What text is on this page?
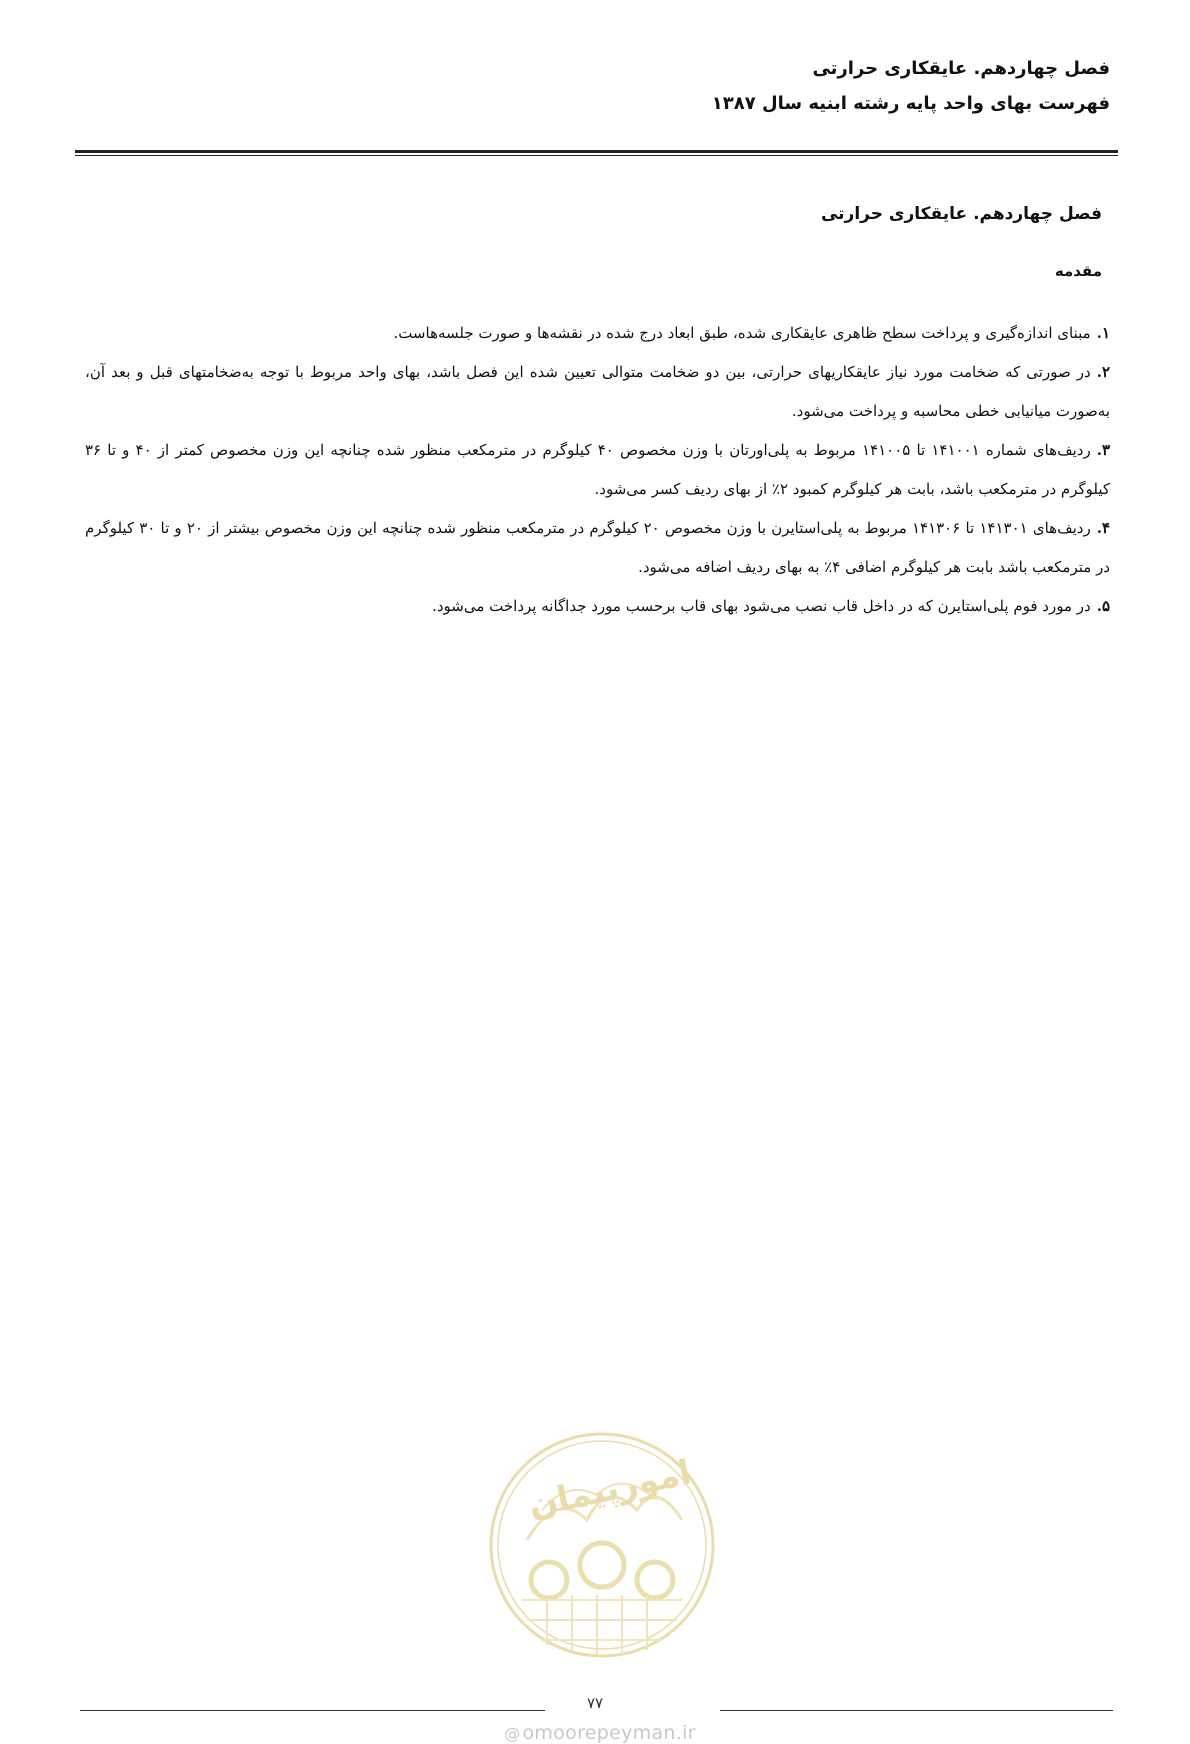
فصل چهاردهم. عایقکاری حرارتی
فهرست بهای واحد پایه رشته ابنیه سال ۱۳۸۷
فصل چهاردهم. عایقکاری حرارتی
مقدمه

۱.مبنای اندازه‌گیری و پرداخت سطح ظاهری عایقکاری شده، طبق ابعاد درج شده در نقشه‌ها و صورت جلسه‌هاست.

۲.در صورتی که ضخامت مورد نیاز عایقکاریهای حرارتی، بین دو ضخامت متوالی تعیین شده این فصل باشد، بهای واحد مربوط با توجه به‌ضخامتهای قبل و بعد آن، به‌صورت میانیابی خطی محاسبه و پرداخت می‌شود.

۳.ردیف‌های شماره ۱۴۱۰۰۱ تا ۱۴۱۰۰۵ مربوط به پلی‌اورتان با وزن مخصوص ۴۰ کیلوگرم در مترمکعب منظور شده چنانچه این وزن مخصوص کمتر از ۴۰ و تا ۳۶ کیلوگرم در مترمکعب باشد، بابت هر کیلوگرم کمبود ۲٪ از بهای ردیف کسر می‌شود.

۴.ردیف‌های ۱۴۱۳۰۱ تا ۱۴۱۳۰۶ مربوط به پلی‌استایرن با وزن مخصوص ۲۰ کیلوگرم در مترمکعب منظور شده چنانچه این وزن مخصوص بیشتر از ۲۰ و تا ۳۰ کیلوگرم در مترمکعب باشد بابت هر کیلوگرم اضافی ۴٪ به بهای ردیف اضافه می‌شود.

۵.در مورد فوم پلی‌استایرن که در داخل قاب نصب می‌شود بهای قاب برحسب مورد جداگانه پرداخت می‌شود.

امورپیمان
۷۷
@ omoorepeyman.ir
